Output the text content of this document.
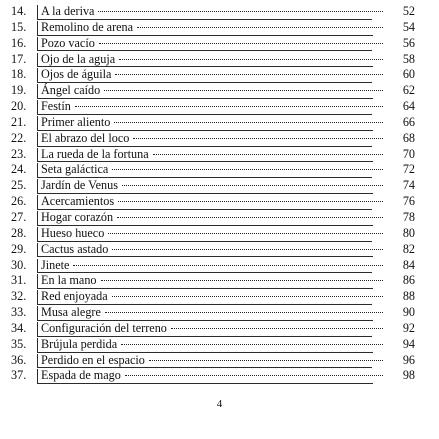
14.	A la deriva	52
15.	Remolino de arena	54
16.	Pozo vacío	56
17.	Ojo de la aguja	58
18.	Ojos de águila	60
19.	Ángel caído	62
20.	Festín	64
21.	Primer aliento	66
22.	El abrazo del loco	68
23.	La rueda de la fortuna	70
24.	Seta galáctica	72
25.	Jardín de Venus	74
26.	Acercamientos	76
27.	Hogar corazón	78
28.	Hueso hueco	80
29.	Cactus astado	82
30.	Jinete	84
31.	En la mano	86
32.	Red enjoyada	88
33.	Musa alegre	90
34.	Configuración del terreno	92
35.	Brújula perdida	94
36.	Perdido en el espacio	96
37.	Espada de mago	98
4
